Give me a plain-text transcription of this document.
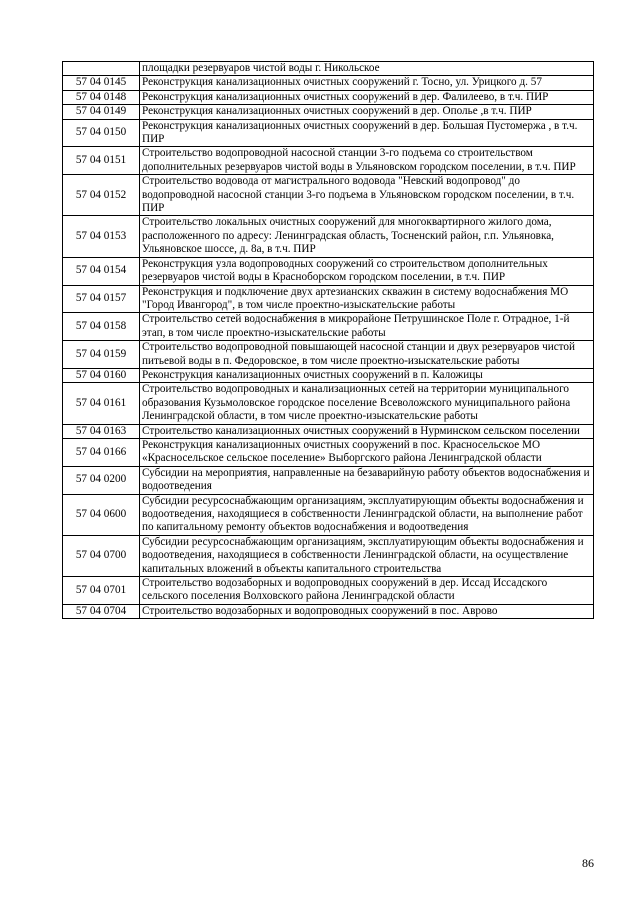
	площадки резервуаров чистой воды г. Никольское
57 04 0145	Реконструкция канализационных очистных сооружений г. Тосно, ул. Урицкого д. 57
57 04 0148	Реконструкция канализационных очистных сооружений в дер. Фалилеево, в т.ч. ПИР
57 04 0149	Реконструкция канализационных очистных сооружений в дер. Ополье ,в т.ч. ПИР
57 04 0150	Реконструкция канализационных очистных сооружений в дер. Большая Пустомержа , в т.ч. ПИР
57 04 0151	Строительство водопроводной насосной станции 3-го подъема со строительством дополнительных резервуаров чистой воды в Ульяновском городском поселении, в т.ч. ПИР
57 04 0152	Строительство водовода от магистрального водовода "Невский водопровод" до водопроводной насосной станции 3-го подъема в Ульяновском городском поселении, в т.ч. ПИР
57 04 0153	Строительство локальных очистных сооружений для многоквартирного жилого дома, расположенного по адресу: Ленинградская область, Тосненский район, г.п. Ульяновка, Ульяновское шоссе, д. 8а, в т.ч. ПИР
57 04 0154	Реконструкция узла водопроводных сооружений со строительством дополнительных резервуаров чистой воды в Красноборском городском поселении, в т.ч. ПИР
57 04 0157	Реконструкция и подключение двух артезианских скважин в систему водоснабжения МО "Город Ивангород", в том числе проектно-изыскательские работы
57 04 0158	Строительство сетей водоснабжения в микрорайоне Петрушинское Поле г. Отрадное, 1-й этап, в том числе проектно-изыскательские работы
57 04 0159	Строительство водопроводной повышающей насосной станции и двух резервуаров чистой питьевой воды в п. Федоровское, в том числе проектно-изыскательские работы
57 04 0160	Реконструкция канализационных очистных сооружений в п. Каложицы
57 04 0161	Строительство водопроводных и канализационных сетей на территории муниципального образования Кузьмоловское городское поселение Всеволожского муниципального района Ленинградской области, в том числе проектно-изыскательские работы
57 04 0163	Строительство канализационных очистных сооружений в Нурминском сельском поселении
57 04 0166	Реконструкция канализационных очистных сооружений в пос. Красносельское МО «Красносельское сельское поселение» Выборгского района Ленинградской области
57 04 0200	Субсидии на мероприятия, направленные на безаварийную работу объектов водоснабжения и водоотведения
57 04 0600	Субсидии ресурсоснабжающим организациям, эксплуатирующим объекты водоснабжения и водоотведения, находящиеся в собственности Ленинградской области, на выполнение работ по капитальному ремонту объектов водоснабжения и водоотведения
57 04 0700	Субсидии ресурсоснабжающим организациям, эксплуатирующим объекты водоснабжения и водоотведения, находящиеся в собственности Ленинградской области, на осуществление капитальных вложений в объекты капитального строительства
57 04 0701	Строительство водозаборных и водопроводных сооружений в дер. Иссад Иссадского сельского поселения Волховского района Ленинградской области
57 04 0704	Строительство водозаборных и водопроводных сооружений в пос. Аврово
86
